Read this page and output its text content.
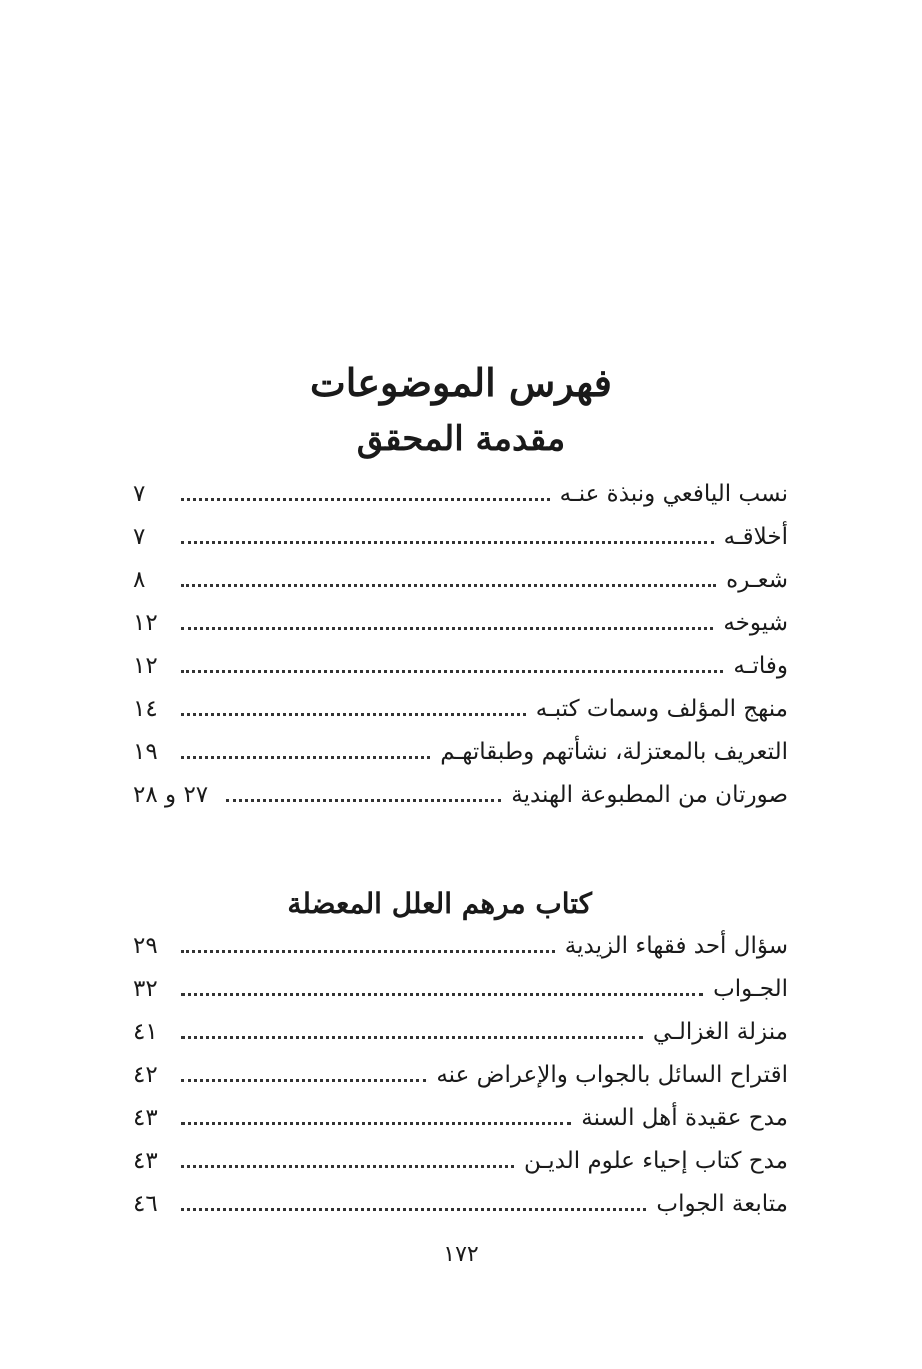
فهرس الموضوعات
مقدمة المحقق
نسب اليافعي ونبذة عنـه
٧
أخلاقـه
٧
شعـره
٨
شيوخه
١٢
وفاتـه
١٢
منهج المؤلف وسمات كتبـه
١٤
التعريف بالمعتزلة، نشأتهم وطبقاتهـم
١٩
صورتان من المطبوعة الهندية
٢٧ و ٢٨
كتاب مرهم العلل المعضلة
سؤال أحد فقهاء الزيدية
٢٩
الجـواب
٣٢
منزلة الغزالـي
٤١
اقتراح السائل بالجواب والإعراض عنه
٤٢
مدح عقيدة أهل السنة
٤٣
مدح كتاب إحياء علوم الديـن
٤٣
متابعة الجواب
٤٦
١٧٢
